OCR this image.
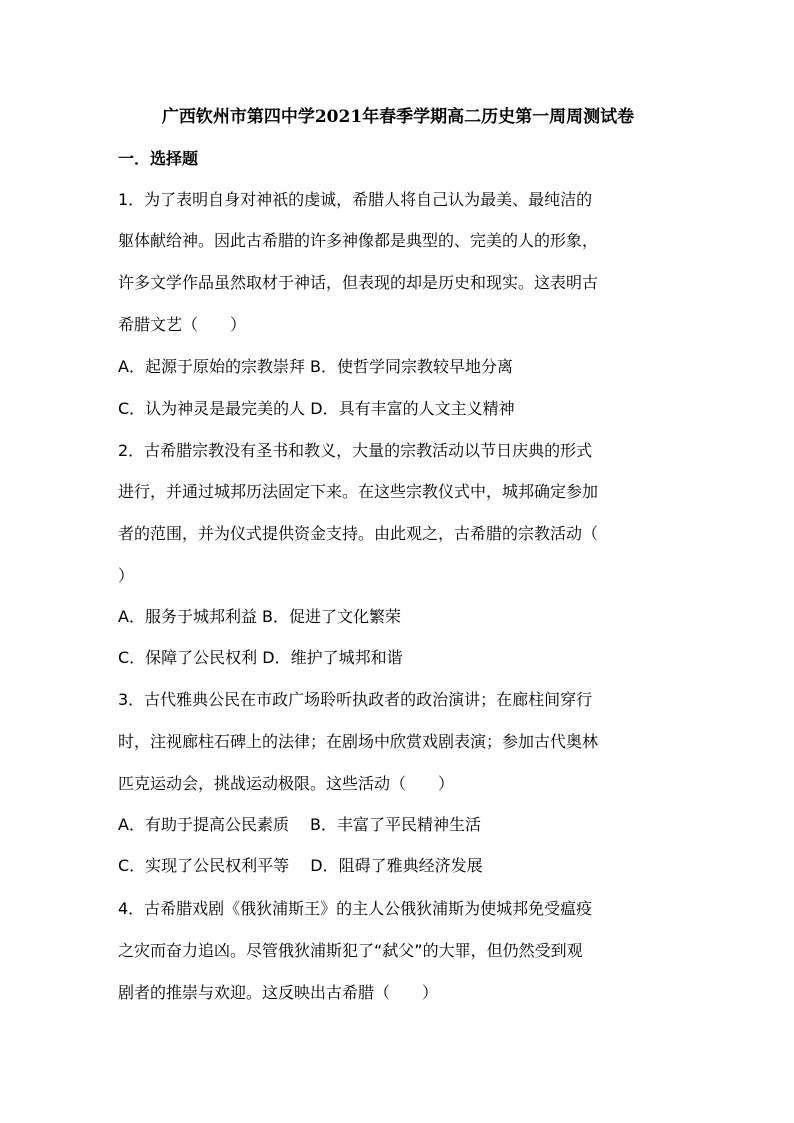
广西钦州市第四中学2021年春季学期高二历史第一周周测试卷
一．选择题
1．为了表明自身对神祇的虔诚，希腊人将自己认为最美、最纯洁的
躯体献给神。因此古希腊的许多神像都是典型的、完美的人的形象，
许多文学作品虽然取材于神话，但表现的却是历史和现实。这表明古
希腊文艺（　　）
A．起源于原始的宗教崇拜 B．使哲学同宗教较早地分离
C．认为神灵是最完美的人 D．具有丰富的人文主义精神
2．古希腊宗教没有圣书和教义，大量的宗教活动以节日庆典的形式
进行，并通过城邦历法固定下来。在这些宗教仪式中，城邦确定参加
者的范围，并为仪式提供资金支持。由此观之，古希腊的宗教活动（
）
A．服务于城邦利益 B．促进了文化繁荣
C．保障了公民权利 D．维护了城邦和谐
3．古代雅典公民在市政广场聆听执政者的政治演讲；在廊柱间穿行
时，注视廊柱石碑上的法律；在剧场中欣赏戏剧表演；参加古代奥林
匹克运动会，挑战运动极限。这些活动（　　）
A．有助于提高公民素质　 B．丰富了平民精神生活
C．实现了公民权利平等　 D．阻碍了雅典经济发展
4．古希腊戏剧《俄狄浦斯王》的主人公俄狄浦斯为使城邦免受瘟疫
之灾而奋力追凶。尽管俄狄浦斯犯了“弑父”的大罪，但仍然受到观
剧者的推崇与欢迎。这反映出古希腊（　　）
